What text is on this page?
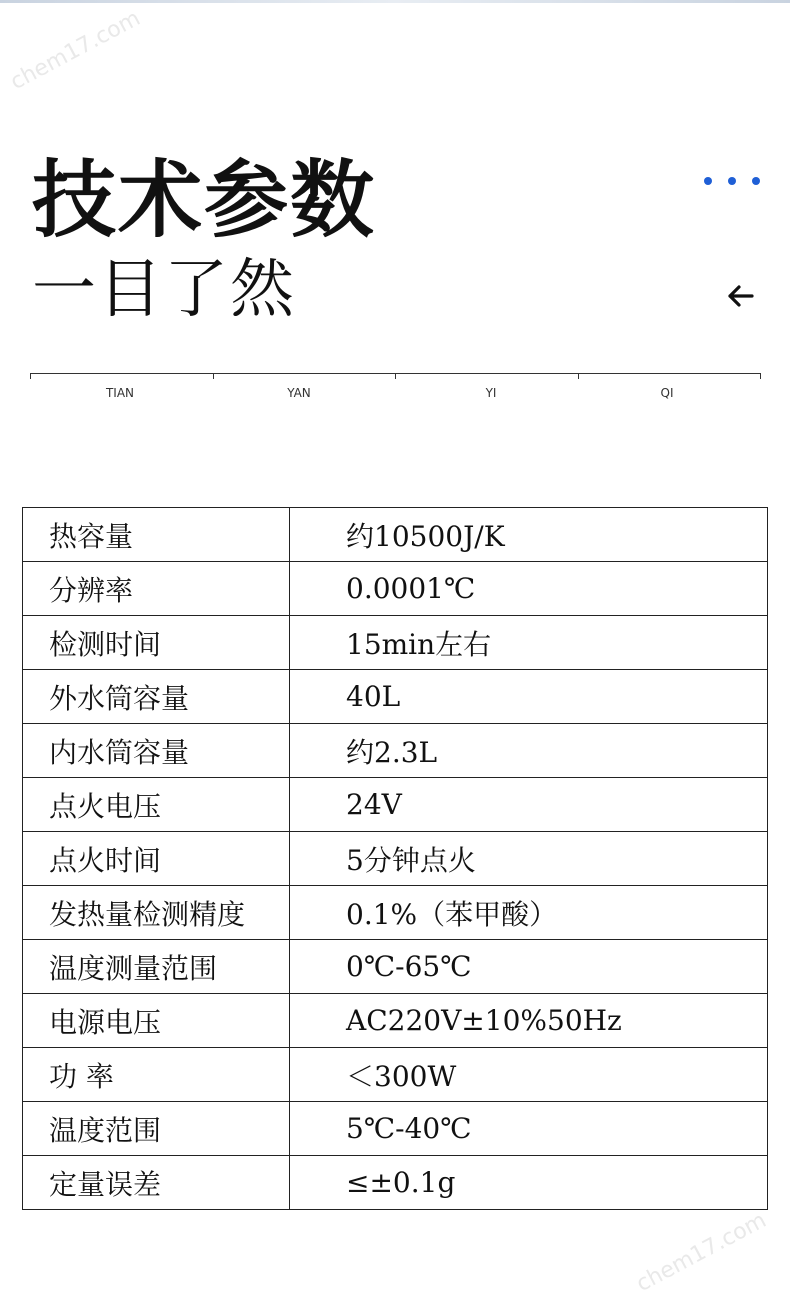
chem17.com
chem17.com
技术参数
一目了然
TIAN	YAN	YI	QI
热容量	约10500J/K
分辨率	0.0001℃
检测时间	15min左右
外水筒容量	40L
内水筒容量	约2.3L
点火电压	24V
点火时间	5分钟点火
发热量检测精度	0.1%（苯甲酸）
温度测量范围	0℃-65℃
电源电压	AC220V±10%50Hz
功 率	＜300W
温度范围	5℃-40℃
定量误差	≤±0.1g
